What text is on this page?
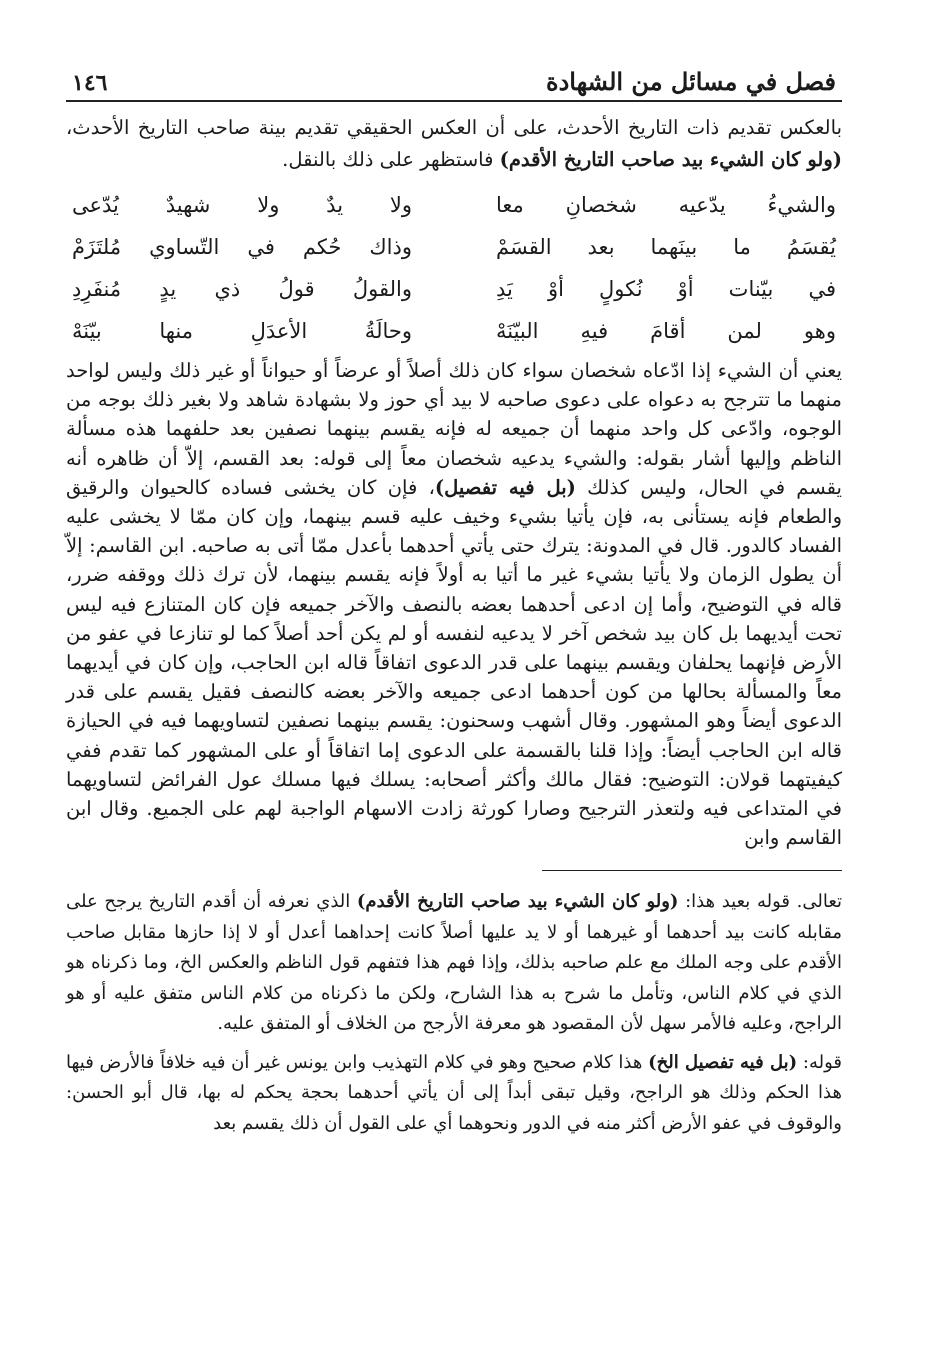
فصل في مسائل من الشهادة
١٤٦

بالعكس تقديم ذات التاريخ الأحدث، على أن العكس الحقيقي تقديم بينة صاحب التاريخ الأحدث، (ولو كان الشيء بيد صاحب التاريخ الأقدم) فاستظهر على ذلك بالنقل.

والشيءُ يدّعيه شخصانِ معا
ولا يدٌ ولا شهيدٌ يُدّعى
يُقسَمُ ما بينَهما بعد القسَمْ
وذاك حُكم في التّساوي مُلتَزَمْ
في بيّنات أوْ نُكولٍ أوْ يَدِ
والقولُ قولُ ذي يدٍ مُنفَرِدِ
وهو لمن أقامَ فيهِ البيّنَهْ
وحالَةُ الأعدَلِ منها بيّنَهْ

يعني أن الشيء إذا ادّعاه شخصان سواء كان ذلك أصلاً أو عرضاً أو حيواناً أو غير ذلك وليس لواحد منهما ما تترجح به دعواه على دعوى صاحبه لا بيد أي حوز ولا بشهادة شاهد ولا بغير ذلك بوجه من الوجوه، وادّعى كل واحد منهما أن جميعه له فإنه يقسم بينهما نصفين بعد حلفهما هذه مسألة الناظم وإليها أشار بقوله: والشيء يدعيه شخصان معاً إلى قوله: بعد القسم، إلاّ أن ظاهره أنه يقسم في الحال، وليس كذلك (بل فيه تفصيل)، فإن كان يخشى فساده كالحيوان والرقيق والطعام فإنه يستأنى به، فإن يأتيا بشيء وخيف عليه قسم بينهما، وإن كان ممّا لا يخشى عليه الفساد كالدور. قال في المدونة: يترك حتى يأتي أحدهما بأعدل ممّا أتى به صاحبه. ابن القاسم: إلاّ أن يطول الزمان ولا يأتيا بشيء غير ما أتيا به أولاً فإنه يقسم بينهما، لأن ترك ذلك ووقفه ضرر، قاله في التوضيح، وأما إن ادعى أحدهما بعضه بالنصف والآخر جميعه فإن كان المتنازع فيه ليس تحت أيديهما بل كان بيد شخص آخر لا يدعيه لنفسه أو لم يكن أحد أصلاً كما لو تنازعا في عفو من الأرض فإنهما يحلفان ويقسم بينهما على قدر الدعوى اتفاقاً قاله ابن الحاجب، وإن كان في أيديهما معاً والمسألة بحالها من كون أحدهما ادعى جميعه والآخر بعضه كالنصف فقيل يقسم على قدر الدعوى أيضاً وهو المشهور. وقال أشهب وسحنون: يقسم بينهما نصفين لتساويهما فيه في الحيازة قاله ابن الحاجب أيضاً: وإذا قلنا بالقسمة على الدعوى إما اتفاقاً أو على المشهور كما تقدم ففي كيفيتهما قولان: التوضيح: فقال مالك وأكثر أصحابه: يسلك فيها مسلك عول الفرائض لتساويهما في المتداعى فيه ولتعذر الترجيح وصارا كورثة زادت الاسهام الواجبة لهم على الجميع. وقال ابن القاسم وابن

تعالى. قوله بعيد هذا: (ولو كان الشيء بيد صاحب التاريخ الأقدم) الذي نعرفه أن أقدم التاريخ يرجح على مقابله كانت بيد أحدهما أو غيرهما أو لا يد عليها أصلاً كانت إحداهما أعدل أو لا إذا حازها مقابل صاحب الأقدم على وجه الملك مع علم صاحبه بذلك، وإذا فهم هذا فتفهم قول الناظم والعكس الخ، وما ذكرناه هو الذي في كلام الناس، وتأمل ما شرح به هذا الشارح، ولكن ما ذكرناه من كلام الناس متفق عليه أو هو الراجح، وعليه فالأمر سهل لأن المقصود هو معرفة الأرجح من الخلاف أو المتفق عليه.

قوله: (بل فيه تفصيل الخ) هذا كلام صحيح وهو في كلام التهذيب وابن يونس غير أن فيه خلافاً فالأرض فيها هذا الحكم وذلك هو الراجح، وقيل تبقى أبداً إلى أن يأتي أحدهما بحجة يحكم له بها، قال أبو الحسن: والوقوف في عفو الأرض أكثر منه في الدور ونحوهما أي على القول أن ذلك يقسم بعد
